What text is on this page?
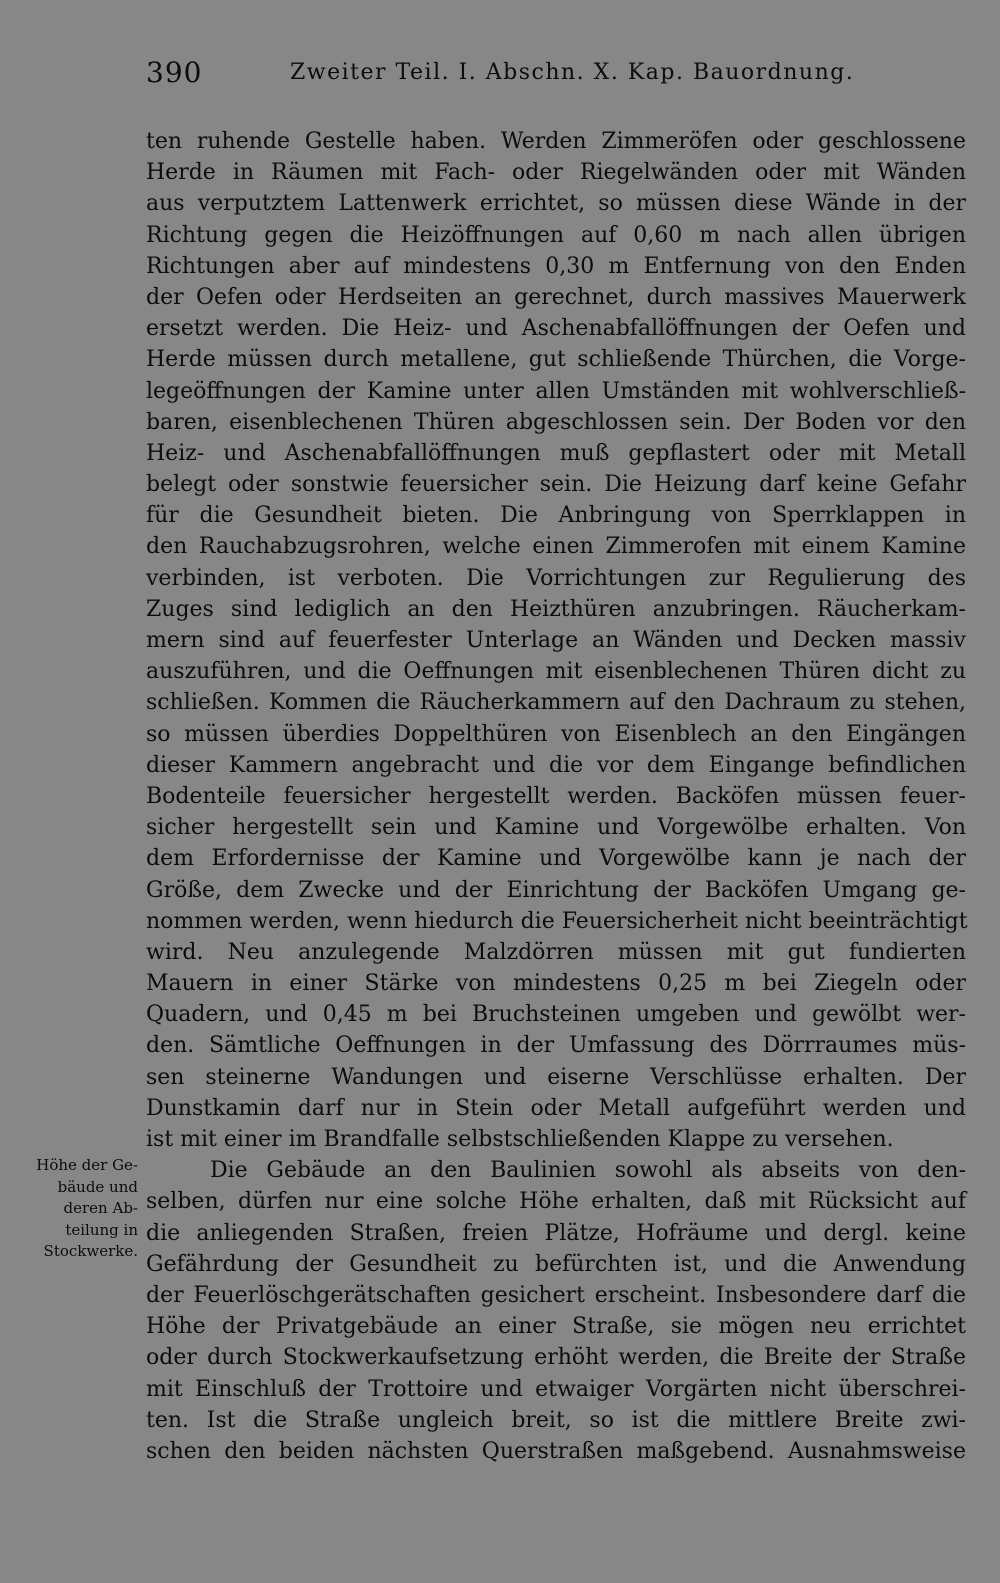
390	Zweiter Teil. I. Abschn. X. Kap. Bauordnung.
Höhe der Ge-
bäude und
deren Ab-
teilung in
Stockwerke.
ten ruhende Gestelle haben. Werden Zimmeröfen oder geschlossene
Herde in Räumen mit Fach- oder Riegelwänden oder mit Wänden
aus verputztem Lattenwerk errichtet, so müssen diese Wände in der
Richtung gegen die Heizöffnungen auf 0,60 m nach allen übrigen
Richtungen aber auf mindestens 0,30 m Entfernung von den Enden
der Oefen oder Herdseiten an gerechnet, durch massives Mauerwerk
ersetzt werden. Die Heiz- und Aschenabfallöffnungen der Oefen und
Herde müssen durch metallene, gut schließende Thürchen, die Vorge-
legeöffnungen der Kamine unter allen Umständen mit wohlverschließ-
baren, eisenblechenen Thüren abgeschlossen sein. Der Boden vor den
Heiz- und Aschenabfallöffnungen muß gepflastert oder mit Metall
belegt oder sonstwie feuersicher sein. Die Heizung darf keine Gefahr
für die Gesundheit bieten. Die Anbringung von Sperrklappen in
den Rauchabzugsrohren, welche einen Zimmerofen mit einem Kamine
verbinden, ist verboten. Die Vorrichtungen zur Regulierung des
Zuges sind lediglich an den Heizthüren anzubringen. Räucherkam-
mern sind auf feuerfester Unterlage an Wänden und Decken massiv
auszuführen, und die Oeffnungen mit eisenblechenen Thüren dicht zu
schließen. Kommen die Räucherkammern auf den Dachraum zu stehen,
so müssen überdies Doppelthüren von Eisenblech an den Eingängen
dieser Kammern angebracht und die vor dem Eingange befindlichen
Bodenteile feuersicher hergestellt werden. Backöfen müssen feuer-
sicher hergestellt sein und Kamine und Vorgewölbe erhalten. Von
dem Erfordernisse der Kamine und Vorgewölbe kann je nach der
Größe, dem Zwecke und der Einrichtung der Backöfen Umgang ge-
nommen werden, wenn hiedurch die Feuersicherheit nicht beeinträchtigt
wird. Neu anzulegende Malzdörren müssen mit gut fundierten
Mauern in einer Stärke von mindestens 0,25 m bei Ziegeln oder
Quadern, und 0,45 m bei Bruchsteinen umgeben und gewölbt wer-
den. Sämtliche Oeffnungen in der Umfassung des Dörrraumes müs-
sen steinerne Wandungen und eiserne Verschlüsse erhalten. Der
Dunstkamin darf nur in Stein oder Metall aufgeführt werden und
ist mit einer im Brandfalle selbstschließenden Klappe zu versehen.
Die Gebäude an den Baulinien sowohl als abseits von den-
selben, dürfen nur eine solche Höhe erhalten, daß mit Rücksicht auf
die anliegenden Straßen, freien Plätze, Hofräume und dergl. keine
Gefährdung der Gesundheit zu befürchten ist, und die Anwendung
der Feuerlöschgerätschaften gesichert erscheint. Insbesondere darf die
Höhe der Privatgebäude an einer Straße, sie mögen neu errichtet
oder durch Stockwerkaufsetzung erhöht werden, die Breite der Straße
mit Einschluß der Trottoire und etwaiger Vorgärten nicht überschrei-
ten. Ist die Straße ungleich breit, so ist die mittlere Breite zwi-
schen den beiden nächsten Querstraßen maßgebend. Ausnahmsweise
